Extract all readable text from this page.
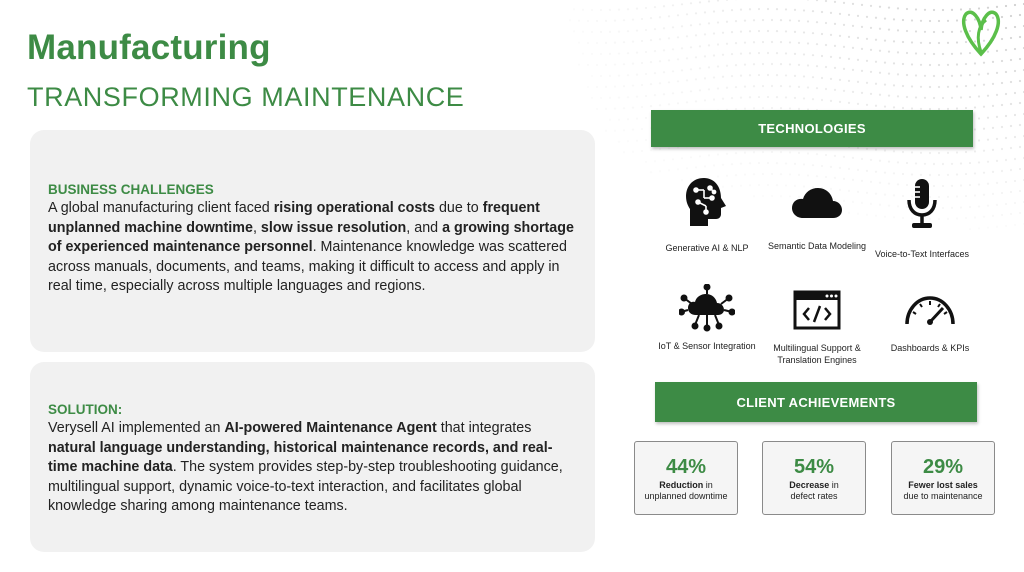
Manufacturing
TRANSFORMING MAINTENANCE
BUSINESS CHALLENGES
A global manufacturing client faced rising operational costs due to frequent unplanned machine downtime, slow issue resolution, and a growing shortage of experienced maintenance personnel. Maintenance knowledge was scattered across manuals, documents, and teams, making it difficult to access and apply in real time, especially across multiple languages and regions.
SOLUTION:
Verysell AI implemented an AI-powered Maintenance Agent that integrates natural language understanding, historical maintenance records, and real-time machine data. The system provides step-by-step troubleshooting guidance, multilingual support, dynamic voice-to-text interaction, and facilitates global knowledge sharing among maintenance teams.
TECHNOLOGIES
Generative AI & NLP	Semantic Data Modeling
Voice-to-Text Interfaces
IoT & Sensor Integration	Multilingual Support & Translation Engines
Dashboards & KPIs
CLIENT ACHIEVEMENTS
44%
Reduction in
unplanned downtime
54%
Decrease in
defect rates
29%
Fewer lost sales
due to maintenance
